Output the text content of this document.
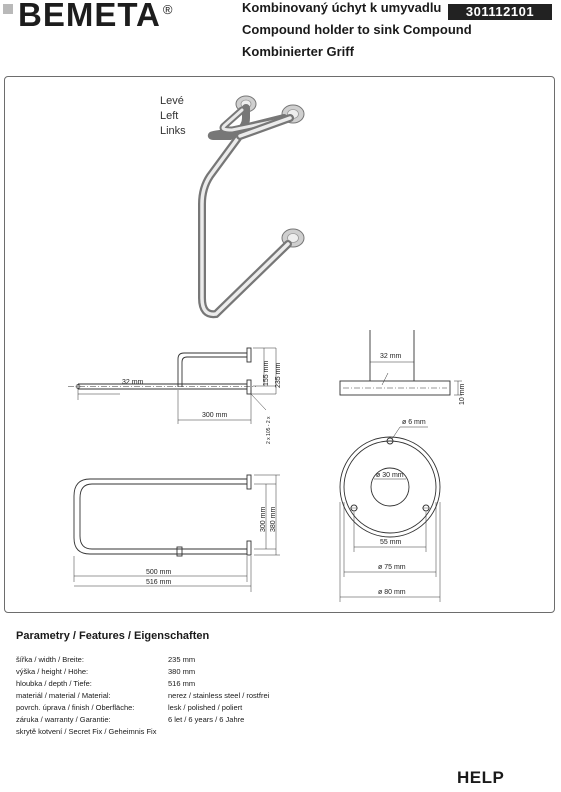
BEMETA ®	Kombinovaný úchyt k umyvadlu
Compound holder to sink Compound
Kombinierter Griff
301112101
Levé
Left
Links
32 mm
300 mm
155 mm 235 mm
2 x 105 - 2 x
500 mm
516 mm
300 mm 380 mm
32 mm
10 mm
ø 6 mm
ø 30 mm
55 mm
ø 75 mm
ø 80 mm
Parametry / Features / Eigenschaften
šířka / width / Breite:	235 mm
výška / height / Höhe:	380 mm
hloubka / depth / Tiefe:	516 mm
materiál / material / Material:	nerez / stainless steel / rostfrei
povrch. úprava / finish / Oberfläche:	lesk / polished / poliert
záruka / warranty / Garantie:	6 let / 6 years / 6 Jahre
skrytě kotvení / Secret Fix / Geheimnis Fix
HELP
